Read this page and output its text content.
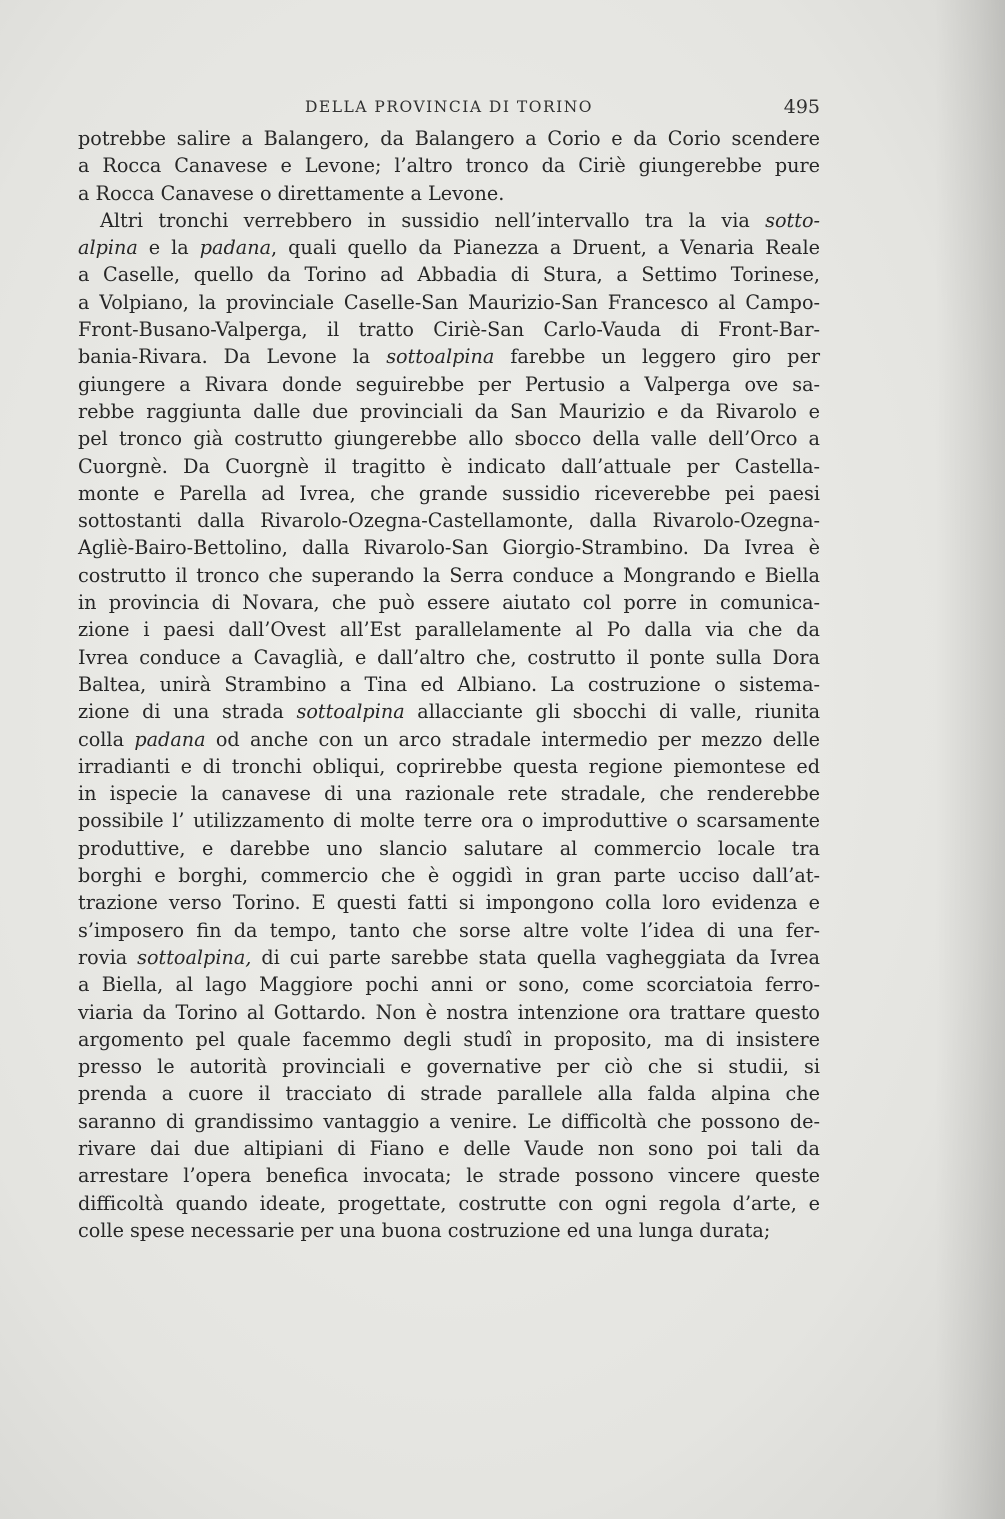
DELLA PROVINCIA DI TORINO	495
potrebbe salire a Balangero, da Balangero a Corio e da Corio scendere
a Rocca Canavese e Levone; l’altro tronco da Ciriè giungerebbe pure
a Rocca Canavese o direttamente a Levone.
Altri tronchi verrebbero in sussidio nell’intervallo tra la via sotto-
alpina e la padana, quali quello da Pianezza a Druent, a Venaria Reale
a Caselle, quello da Torino ad Abbadia di Stura, a Settimo Torinese,
a Volpiano, la provinciale Caselle-San Maurizio-San Francesco al Campo-
Front-Busano-Valperga, il tratto Ciriè-San Carlo-Vauda di Front-Bar-
bania-Rivara. Da Levone la sottoalpina farebbe un leggero giro per
giungere a Rivara donde seguirebbe per Pertusio a Valperga ove sa-
rebbe raggiunta dalle due provinciali da San Maurizio e da Rivarolo e
pel tronco già costrutto giungerebbe allo sbocco della valle dell’Orco a
Cuorgnè. Da Cuorgnè il tragitto è indicato dall’attuale per Castella-
monte e Parella ad Ivrea, che grande sussidio riceverebbe pei paesi
sottostanti dalla Rivarolo-Ozegna-Castellamonte, dalla Rivarolo-Ozegna-
Agliè-Bairo-Bettolino, dalla Rivarolo-San Giorgio-Strambino. Da Ivrea è
costrutto il tronco che superando la Serra conduce a Mongrando e Biella
in provincia di Novara, che può essere aiutato col porre in comunica-
zione i paesi dall’Ovest all’Est parallelamente al Po dalla via che da
Ivrea conduce a Cavaglià, e dall’altro che, costrutto il ponte sulla Dora
Baltea, unirà Strambino a Tina ed Albiano. La costruzione o sistema-
zione di una strada sottoalpina allacciante gli sbocchi di valle, riunita
colla padana od anche con un arco stradale intermedio per mezzo delle
irradianti e di tronchi obliqui, coprirebbe questa regione piemontese ed
in ispecie la canavese di una razionale rete stradale, che renderebbe
possibile l’ utilizzamento di molte terre ora o improduttive o scarsamente
produttive, e darebbe uno slancio salutare al commercio locale tra
borghi e borghi, commercio che è oggidì in gran parte ucciso dall’at-
trazione verso Torino. E questi fatti si impongono colla loro evidenza e
s’imposero fin da tempo, tanto che sorse altre volte l’idea di una fer-
rovia sottoalpina, di cui parte sarebbe stata quella vagheggiata da Ivrea
a Biella, al lago Maggiore pochi anni or sono, come scorciatoia ferro-
viaria da Torino al Gottardo. Non è nostra intenzione ora trattare questo
argomento pel quale facemmo degli studî in proposito, ma di insistere
presso le autorità provinciali e governative per ciò che si studii, si
prenda a cuore il tracciato di strade parallele alla falda alpina che
saranno di grandissimo vantaggio a venire. Le difficoltà che possono de-
rivare dai due altipiani di Fiano e delle Vaude non sono poi tali da
arrestare l’opera benefica invocata; le strade possono vincere queste
difficoltà quando ideate, progettate, costrutte con ogni regola d’arte, e
colle spese necessarie per una buona costruzione ed una lunga durata;
